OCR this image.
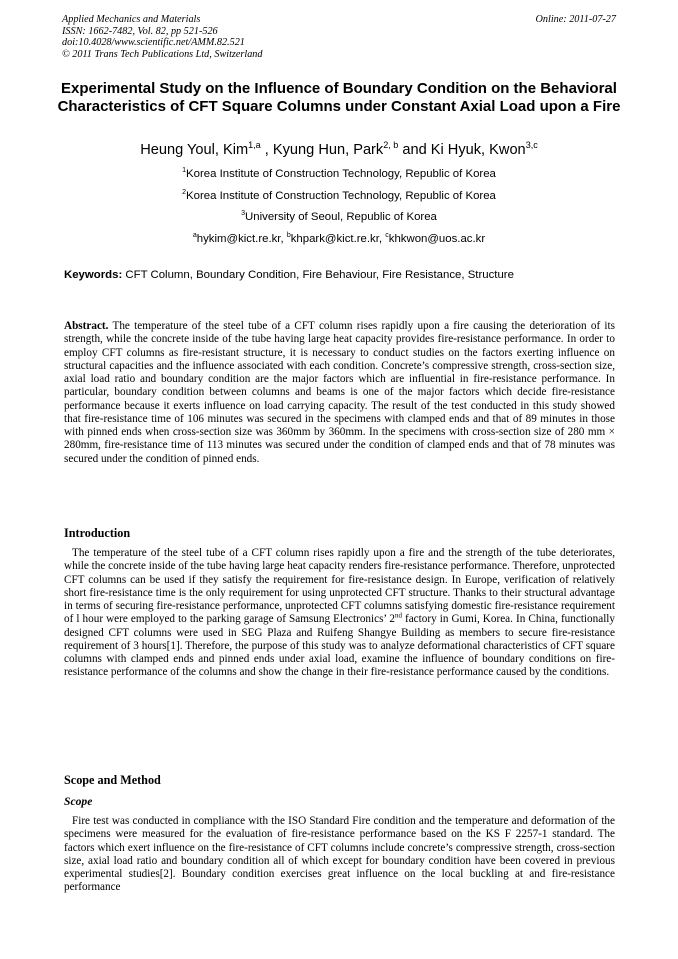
Applied Mechanics and Materials
ISSN: 1662-7482, Vol. 82, pp 521-526
doi:10.4028/www.scientific.net/AMM.82.521
© 2011 Trans Tech Publications Ltd, Switzerland
Online: 2011-07-27
Experimental Study on the Influence of Boundary Condition on the Behavioral Characteristics of CFT Square Columns under Constant Axial Load upon a Fire
Heung Youl, Kim$^{1,a}$ , Kyung Hun, Park$^{2, b}$ and Ki Hyuk, Kwon$^{3,c}$
$^1$Korea Institute of Construction Technology, Republic of Korea
$^2$Korea Institute of Construction Technology, Republic of Korea
$^3$University of Seoul, Republic of Korea
$^a$hykim@kict.re.kr, $^b$khpark@kict.re.kr, $^c$khkwon@uos.ac.kr
Keywords: CFT Column, Boundary Condition, Fire Behaviour, Fire Resistance, Structure
Abstract. The temperature of the steel tube of a CFT column rises rapidly upon a fire causing the deterioration of its strength, while the concrete inside of the tube having large heat capacity provides fire-resistance performance. In order to employ CFT columns as fire-resistant structure, it is necessary to conduct studies on the factors exerting influence on structural capacities and the influence associated with each condition. Concrete’s compressive strength, cross-section size, axial load ratio and boundary condition are the major factors which are influential in fire-resistance performance. In particular, boundary condition between columns and beams is one of the major factors which decide fire-resistance performance because it exerts influence on load carrying capacity. The result of the test conducted in this study showed that fire-resistance time of 106 minutes was secured in the specimens with clamped ends and that of 89 minutes in those with pinned ends when cross-section size was 360mm by 360mm. In the specimens with cross-section size of 280 mm × 280mm, fire-resistance time of 113 minutes was secured under the condition of clamped ends and that of 78 minutes was secured under the condition of pinned ends.
Introduction
The temperature of the steel tube of a CFT column rises rapidly upon a fire and the strength of the tube deteriorates, while the concrete inside of the tube having large heat capacity renders fire-resistance performance. Therefore, unprotected CFT columns can be used if they satisfy the requirement for fire-resistance design. In Europe, verification of relatively short fire-resistance time is the only requirement for using unprotected CFT structure. Thanks to their structural advantage in terms of securing fire-resistance performance, unprotected CFT columns satisfying domestic fire-resistance requirement of l hour were employed to the parking garage of Samsung Electronics’ 2nd factory in Gumi, Korea. In China, functionally designed CFT columns were used in SEG Plaza and Ruifeng Shangye Building as members to secure fire-resistance requirement of 3 hours[1]. Therefore, the purpose of this study was to analyze deformational characteristics of CFT square columns with clamped ends and pinned ends under axial load, examine the influence of boundary conditions on fire-resistance performance of the columns and show the change in their fire-resistance performance caused by the conditions.
Scope and Method
Scope
Fire test was conducted in compliance with the ISO Standard Fire condition and the temperature and deformation of the specimens were measured for the evaluation of fire-resistance performance based on the KS F 2257-1 standard. The factors which exert influence on the fire-resistance of CFT columns include concrete’s compressive strength, cross-section size, axial load ratio and boundary condition all of which except for boundary condition have been covered in previous experimental studies[2]. Boundary condition exercises great influence on the local buckling at and fire-resistance performance
